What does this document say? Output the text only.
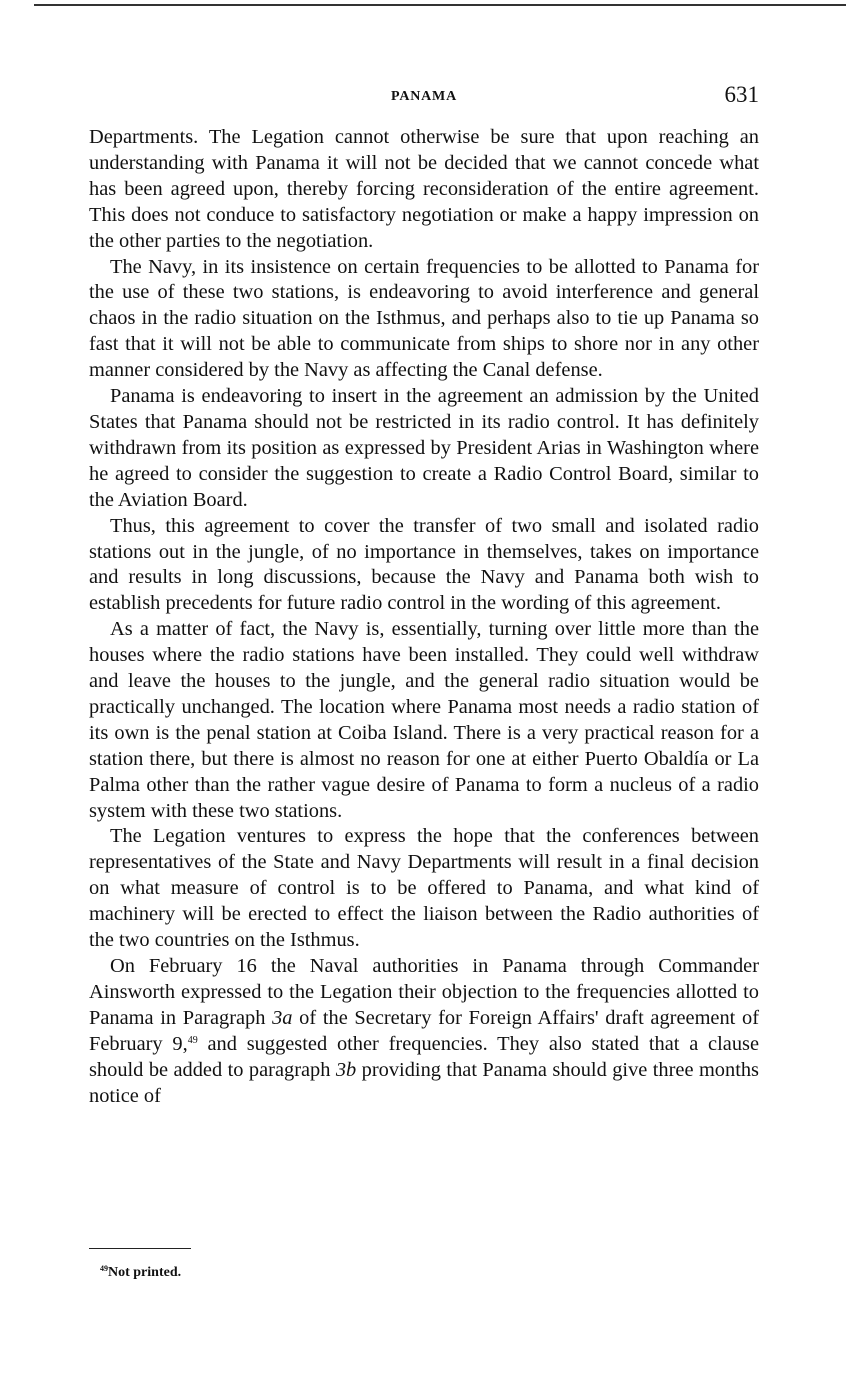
PANAMA	631

Departments. The Legation cannot otherwise be sure that upon reaching an understanding with Panama it will not be decided that we cannot concede what has been agreed upon, thereby forcing reconsideration of the entire agreement. This does not conduce to satisfactory negotiation or make a happy impression on the other parties to the negotiation.

The Navy, in its insistence on certain frequencies to be allotted to Panama for the use of these two stations, is endeavoring to avoid interference and general chaos in the radio situation on the Isthmus, and perhaps also to tie up Panama so fast that it will not be able to communicate from ships to shore nor in any other manner considered by the Navy as affecting the Canal defense.

Panama is endeavoring to insert in the agreement an admission by the United States that Panama should not be restricted in its radio control. It has definitely withdrawn from its position as expressed by President Arias in Washington where he agreed to consider the suggestion to create a Radio Control Board, similar to the Aviation Board.

Thus, this agreement to cover the transfer of two small and isolated radio stations out in the jungle, of no importance in themselves, takes on importance and results in long discussions, because the Navy and Panama both wish to establish precedents for future radio control in the wording of this agreement.

As a matter of fact, the Navy is, essentially, turning over little more than the houses where the radio stations have been installed. They could well withdraw and leave the houses to the jungle, and the general radio situation would be practically unchanged. The location where Panama most needs a radio station of its own is the penal station at Coiba Island. There is a very practical reason for a station there, but there is almost no reason for one at either Puerto Obaldía or La Palma other than the rather vague desire of Panama to form a nucleus of a radio system with these two stations.

The Legation ventures to express the hope that the conferences between representatives of the State and Navy Departments will result in a final decision on what measure of control is to be offered to Panama, and what kind of machinery will be erected to effect the liaison between the Radio authorities of the two countries on the Isthmus.

On February 16 the Naval authorities in Panama through Commander Ainsworth expressed to the Legation their objection to the frequencies allotted to Panama in Paragraph 3a of the Secretary for Foreign Affairs' draft agreement of February 9,49 and suggested other frequencies. They also stated that a clause should be added to paragraph 3b providing that Panama should give three months notice of

$^{49}$Not printed.
